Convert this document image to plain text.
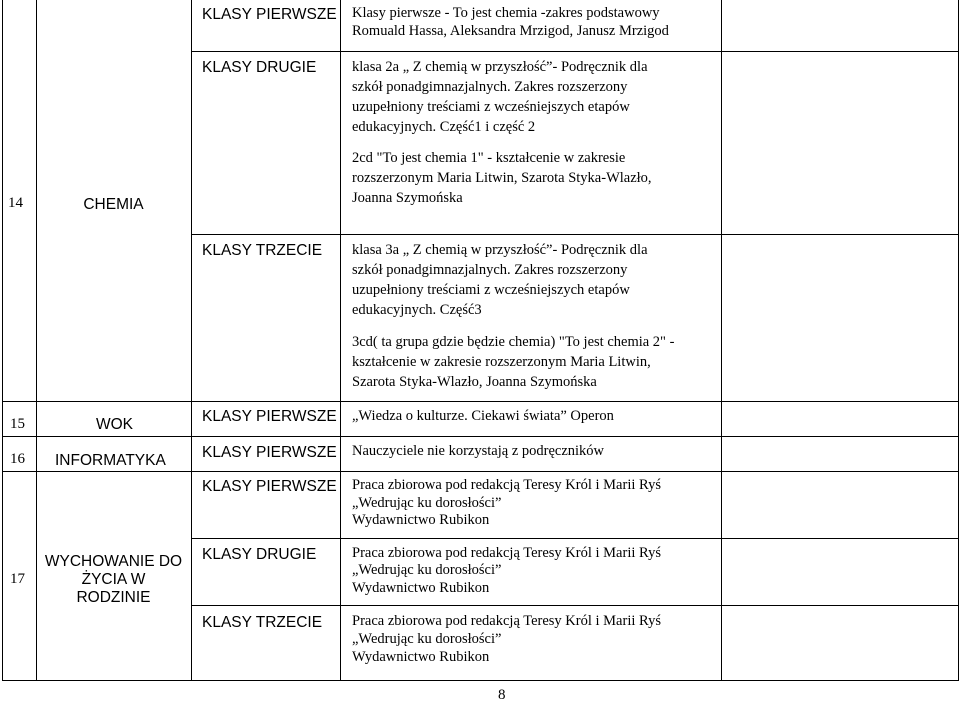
14	CHEMIA
KLASY PIERWSZE Klasy pierwsze - To jest chemia -zakres podstawowy
Romuald Hassa, Aleksandra Mrzigod, Janusz Mrzigod
KLASY DRUGIE klasa 2a „ Z chemią w przyszłość”- Podręcznik dla
szkół ponadgimnazjalnych. Zakres rozszerzony
uzupełniony treściami z wcześniejszych etapów
edukacyjnych. Część1 i część 2
2cd "To jest chemia 1" - kształcenie w zakresie
rozszerzonym Maria Litwin, Szarota Styka-Wlazło,
Joanna Szymońska
KLASY TRZECIE klasa 3a „ Z chemią w przyszłość”- Podręcznik dla
szkół ponadgimnazjalnych. Zakres rozszerzony
uzupełniony treściami z wcześniejszych etapów
edukacyjnych. Część3
3cd( ta grupa gdzie będzie chemia) "To jest chemia 2" -
kształcenie w zakresie rozszerzonym Maria Litwin,
Szarota Styka-Wlazło, Joanna Szymońska
15	WOK	KLASY PIERWSZE „Wiedza o kulturze. Ciekawi świata” Operon
16 INFORMATYKA KLASY PIERWSZE Nauczyciele nie korzystają z podręczników
17
WYCHOWANIE DO
ŻYCIA W
RODZINIE
KLASY PIERWSZE Praca zbiorowa pod redakcją Teresy Król i Marii Ryś
„Wedrując ku dorosłości”
Wydawnictwo Rubikon
KLASY DRUGIE Praca zbiorowa pod redakcją Teresy Król i Marii Ryś
„Wedrując ku dorosłości”
Wydawnictwo Rubikon
KLASY TRZECIE Praca zbiorowa pod redakcją Teresy Król i Marii Ryś
„Wedrując ku dorosłości”
Wydawnictwo Rubikon
8
